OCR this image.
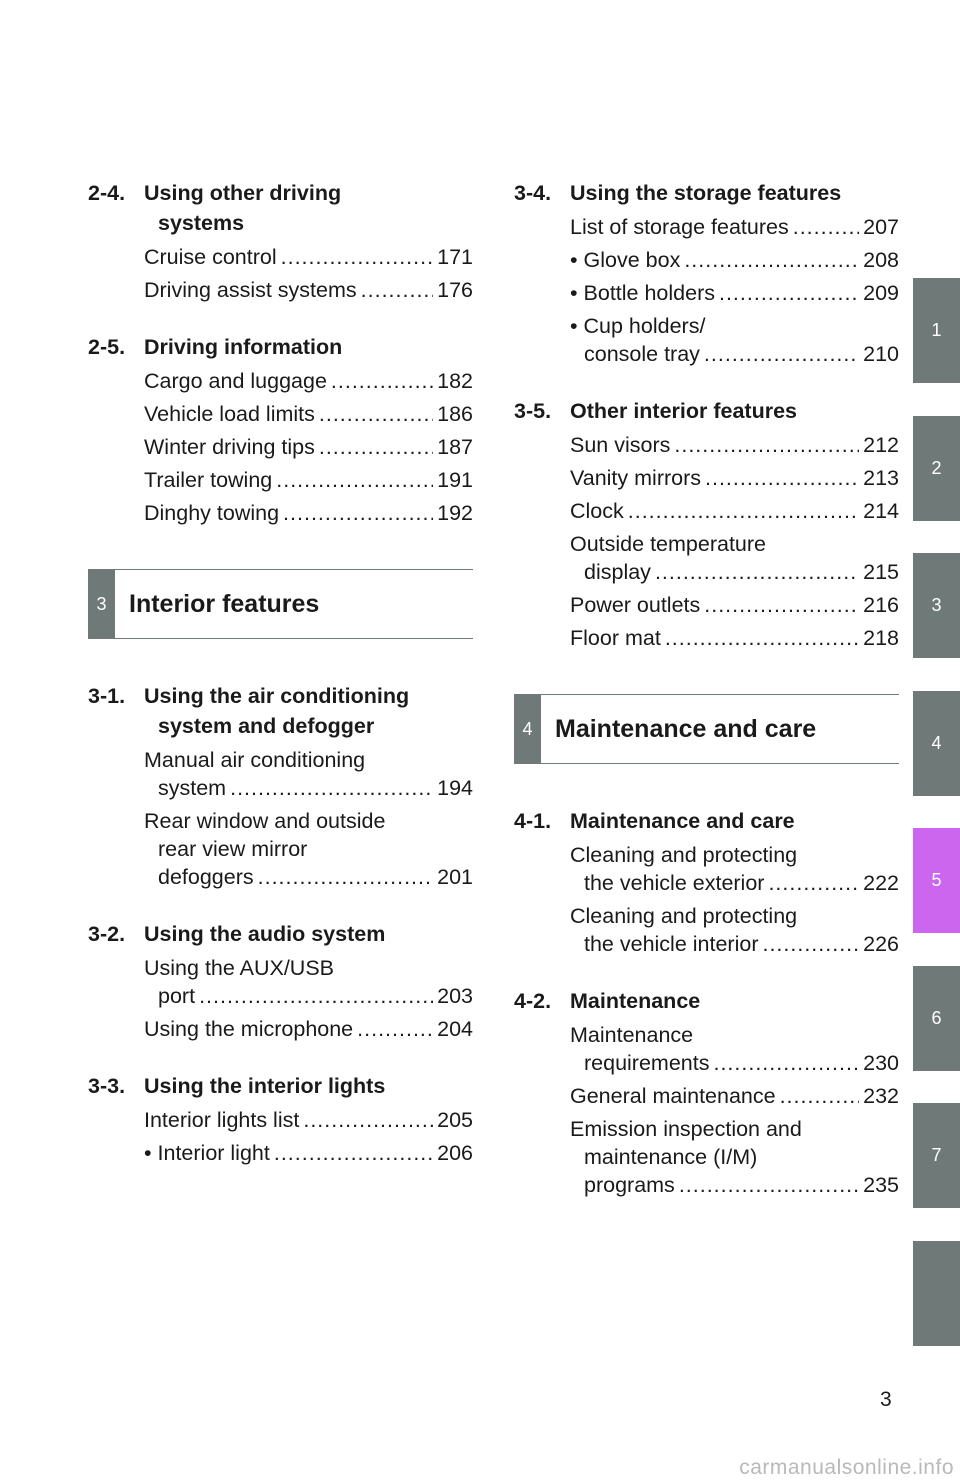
2-4. Using other driving
systems
Cruise control .....	171
Driving assist systems .....	176
2-5. Driving information
Cargo and luggage .....	182
Vehicle load limits .....	186
Winter driving tips .....	187
Trailer towing .....	191
Dinghy towing .....	192
3 Interior features
3-1. Using the air conditioning
system and defogger
Manual air conditioning
system .....	194
Rear window and outside
rear view mirror
defoggers .....	201
3-2. Using the audio system
Using the AUX/USB
port .....	203
Using the microphone .....	204
3-3. Using the interior lights
Interior lights list .....	205
• Interior light .....	206
3-4. Using the storage features
List of storage features .....	207
• Glove box .....	208
• Bottle holders .....	209
• Cup holders/
console tray .....	210
3-5. Other interior features
Sun visors .....	212
Vanity mirrors .....	213
Clock .....	214
Outside temperature
display .....	215
Power outlets .....	216
Floor mat .....	218
4 Maintenance and care
4-1. Maintenance and care
Cleaning and protecting
the vehicle exterior .....	222
Cleaning and protecting
the vehicle interior .....	226
4-2. Maintenance
Maintenance
requirements .....	230
General maintenance .....	232
Emission inspection and
maintenance (I/M)
programs .....	235
1
2
3
4
5
6
7
3
carmanualsonline.info
